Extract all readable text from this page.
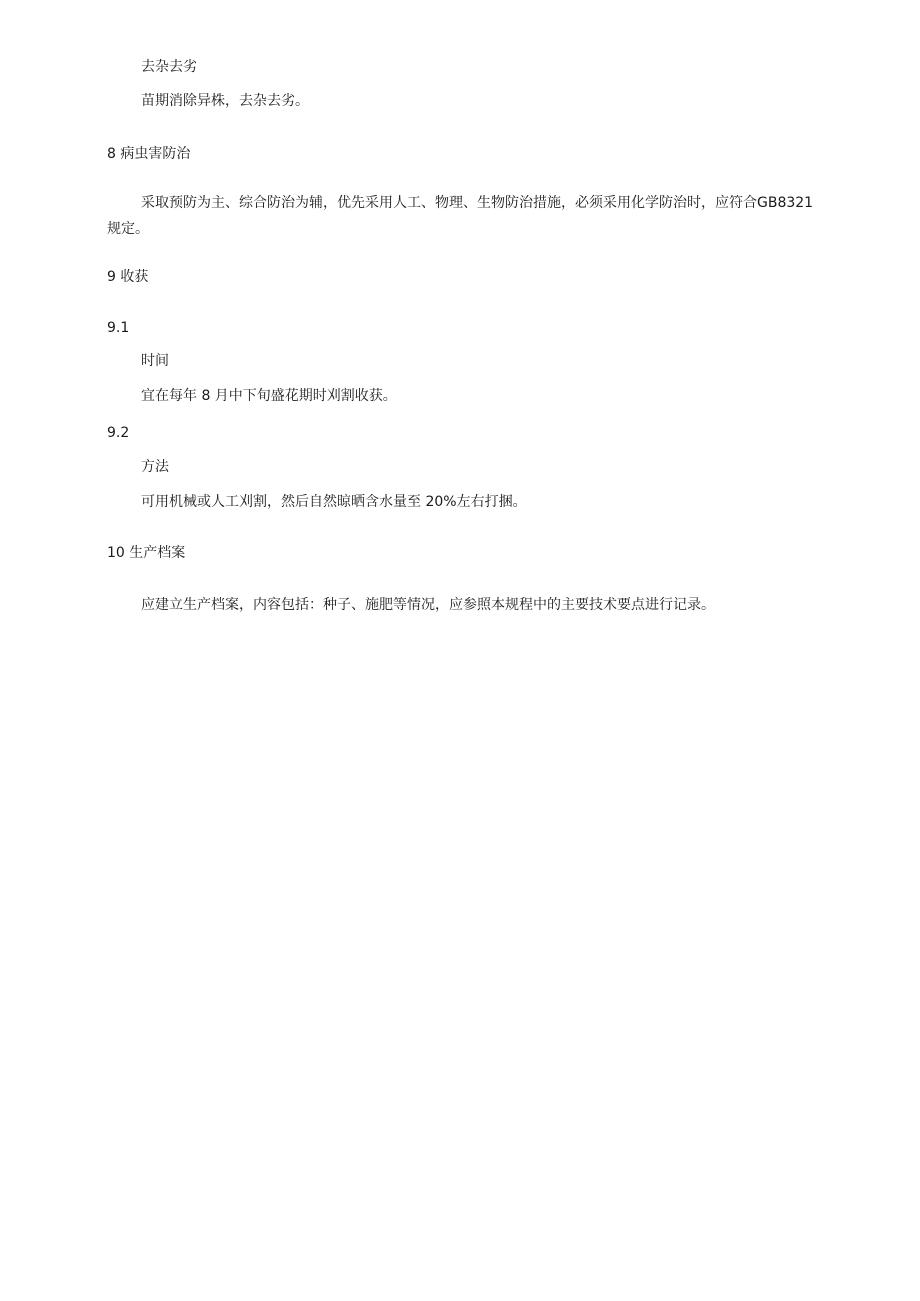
去杂去劣
苗期消除异株，去杂去劣。
8 病虫害防治
采取预防为主、综合防治为辅，优先采用人工、物理、生物防治措施，必须采用化学防治时，应符合GB8321 规定。
9 收获
9.1
时间
宜在每年 8 月中下旬盛花期时刈割收获。
9.2
方法
可用机械或人工刈割，然后自然晾晒含水量至 20%左右打捆。
10 生产档案
应建立生产档案，内容包括：种子、施肥等情况，应参照本规程中的主要技术要点进行记录。
